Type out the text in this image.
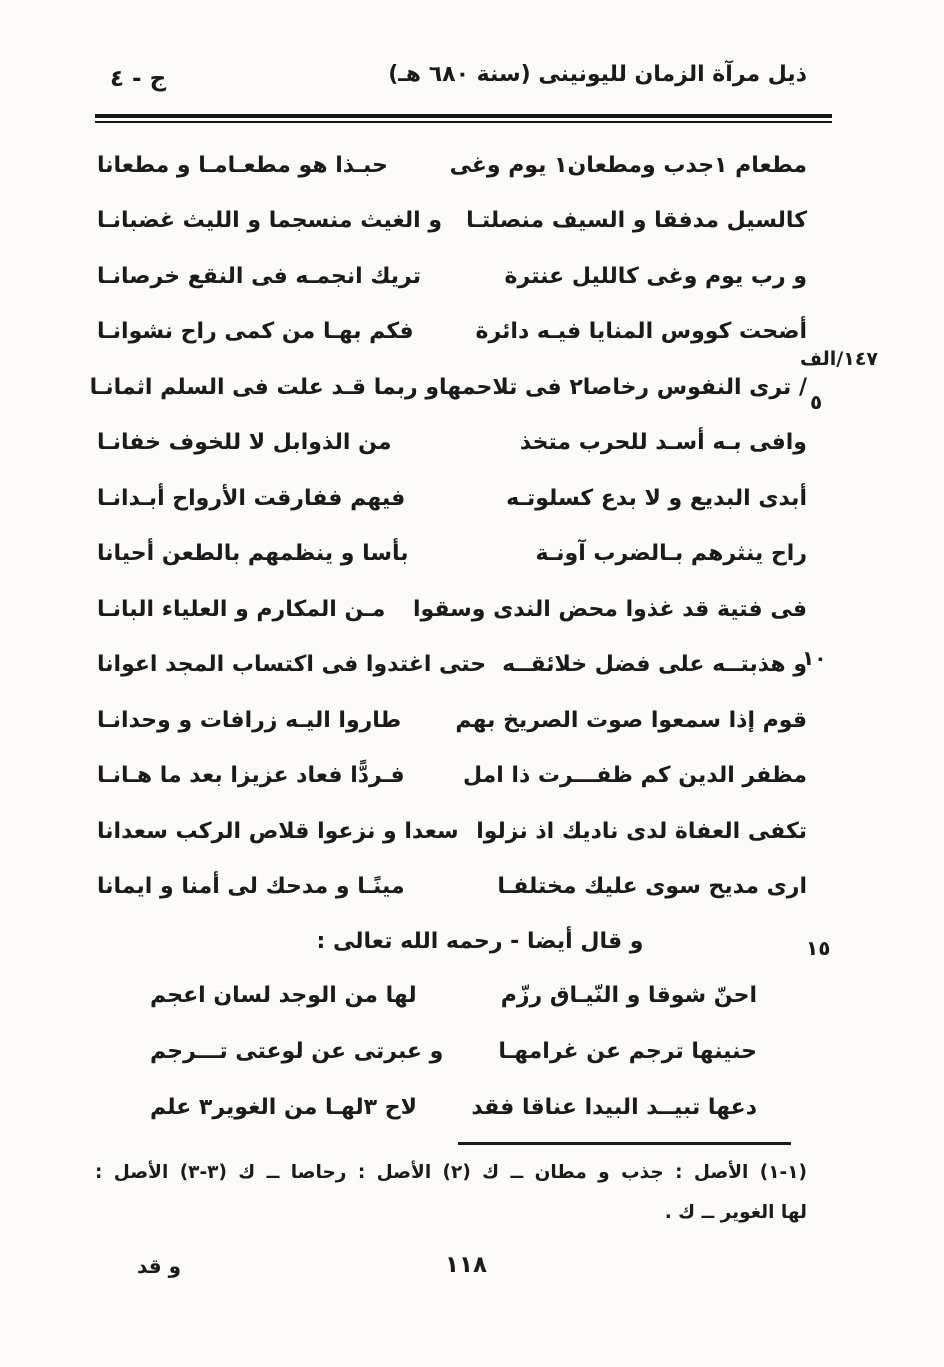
ج - ٤	ذيل مرآة الزمان لليونينى (سنة ٦٨٠ هـ)
مطعام ١جدب ومطعان١ يوم وغى
حبـذا هو مطعـامـا و مطعانا
كالسيل مدفقا و السيف منصلتـا
و الغيث منسجما و الليث غضبانـا
و رب يوم وغى كالليل عنترة
تريك انجمـه فى النقع خرصانـا
أضحت كووس المنايا فيـه دائرة
فكم بهـا من كمى راح نشوانـا
/ ترى النفوس رخاصا٢ فى تلاحمها
و ربما قـد علت فى السلم اثمانـا
وافى بـه أسـد للحرب متخذ
من الذوابل لا للخوف خفانـا
أبدى البديع و لا بدع كسلوتـه
فيهم ففارقت الأرواح أبـدانـا
راح ينثرهم بـالضرب آونـة
بأسا و ينظمهم بالطعن أحيانا
فى فتية قد غذوا محض الندى وسقوا
مـن المكارم و العلياء البانـا
و هذبتــه على فضل خلائقــه
حتى اغتدوا فى اكتساب المجد اعوانا
قوم إذا سمعوا صوت الصريخ بهم
طاروا اليـه زرافات و وحدانـا
مظفر الدين كم ظفـــرت ذا امل
فـردًّا فعاد عزيزا بعد ما هـانـا
تكفى العفاة لدى ناديك اذ نزلوا
سعدا و نزعوا قلاص الركب سعدانا
ارى مديح سوى عليك مختلفـا
مينًـا و مدحك لى أمنا و ايمانا
و قال أيضا - رحمه الله تعالى :
احنّ شوقا و النّيـاق رزّم
لها من الوجد لسان اعجم
حنينها ترجم عن غرامهـا
و عبرتى عن لوعتى تـــرجم
دعها تبيــد البيدا عناقا فقد
لاح ٣لهـا من الغوير٣ علم
١٤٧/الف
٥
١٠
١٥
(١-١) الأصل : جذب و مطان ــ ك (٢) الأصل : رحاصا ــ ك (٣-٣) الأصل :
لها الغوير ــ ك .
و قد	١١٨
